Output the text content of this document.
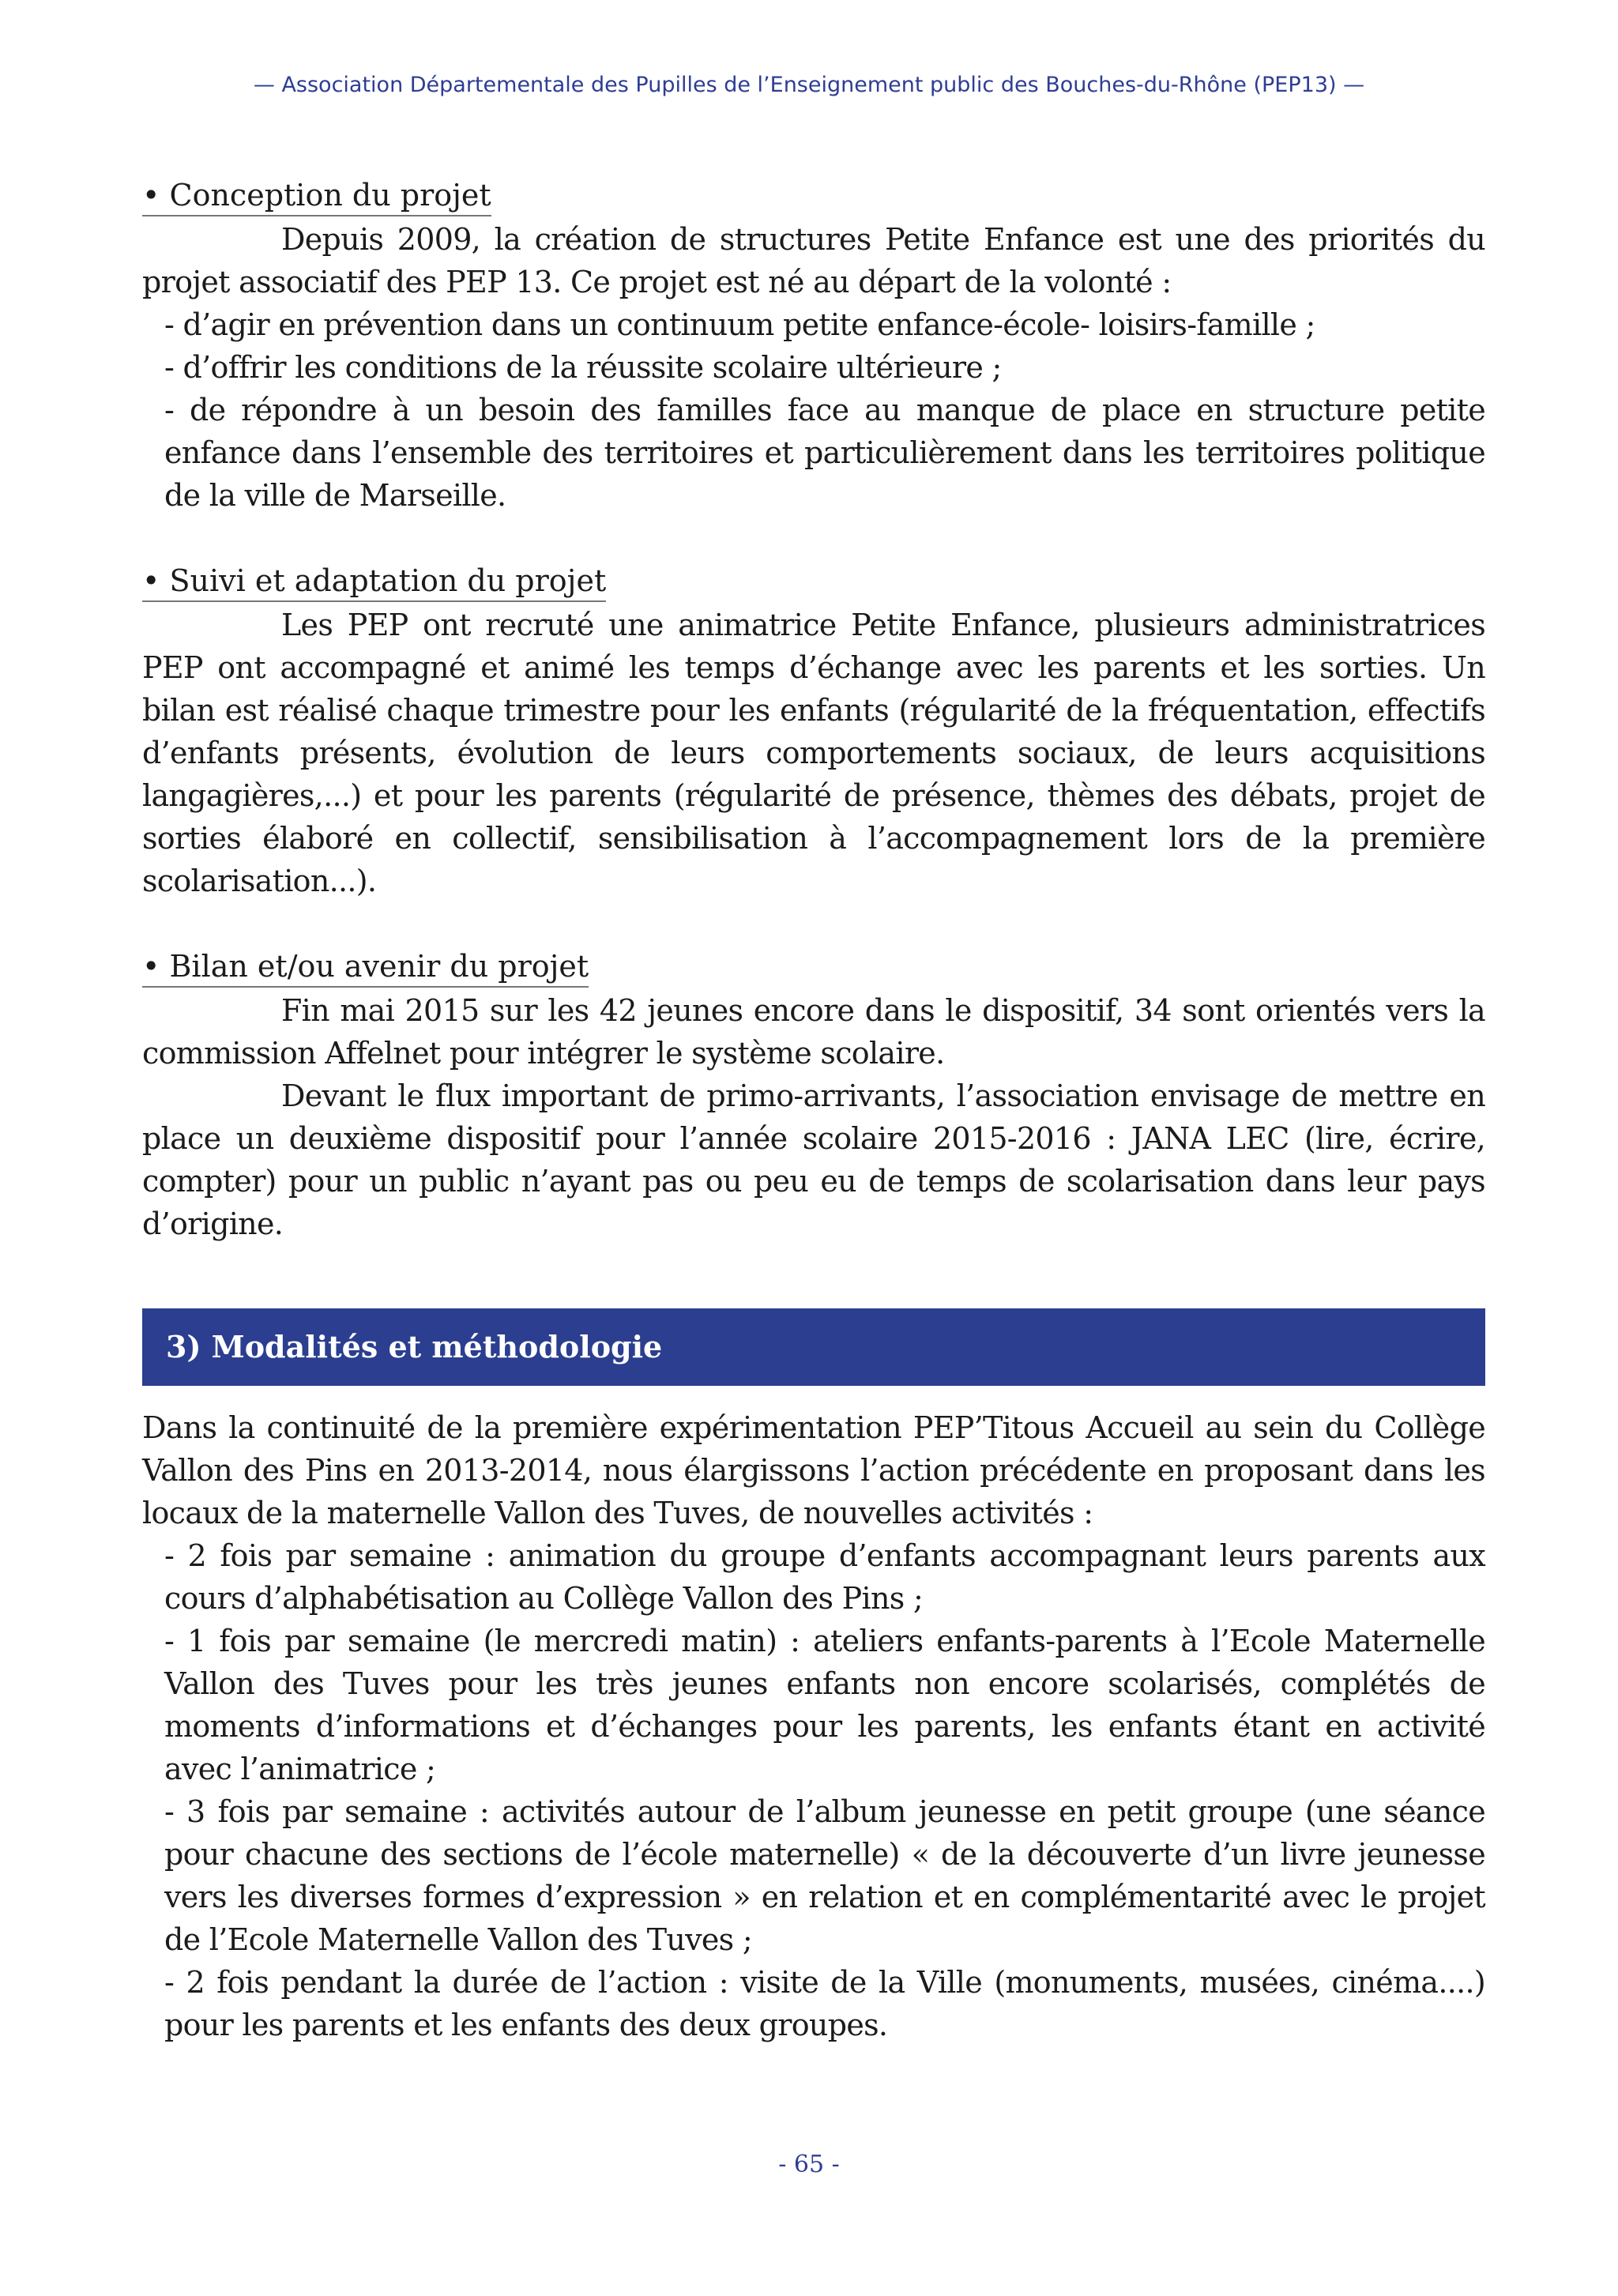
— Association Départementale des Pupilles de l’Enseignement public des Bouches-du-Rhône (PEP13) —
• Conception du projet

Depuis 2009, la création de structures Petite Enfance est une des priorités du projet associatif des PEP 13. Ce projet est né au départ de la volonté :

- d’agir en prévention dans un continuum petite enfance-école- loisirs-famille ;
- d’offrir les conditions de la réussite scolaire ultérieure ;
- de répondre à un besoin des familles face au manque de place en structure petite enfance dans l’ensemble des territoires et particulièrement dans les territoires politique de la ville de Marseille.
• Suivi et adaptation du projet

Les PEP ont recruté une animatrice Petite Enfance, plusieurs administratrices PEP ont accompagné et animé les temps d’échange avec les parents et les sorties. Un bilan est réalisé chaque trimestre pour les enfants (régularité de la fréquentation, effectifs d’enfants présents, évolution de leurs comportements sociaux, de leurs acquisitions langagières,...) et pour les parents (régularité de présence, thèmes des débats, projet de sorties élaboré en collectif, sensibilisation à l’accompagnement lors de la première scolarisation...).

• Bilan et/ou avenir du projet

Fin mai 2015 sur les 42 jeunes encore dans le dispositif, 34 sont orientés vers la commission Affelnet pour intégrer le système scolaire.

Devant le flux important de primo-arrivants, l’association envisage de mettre en place un deuxième dispositif pour l’année scolaire 2015-2016 : JANA LEC (lire, écrire, compter) pour un public n’ayant pas ou peu eu de temps de scolarisation dans leur pays d’origine.

3) Modalités et méthodologie

Dans la continuité de la première expérimentation PEP’Titous Accueil au sein du Collège Vallon des Pins en 2013-2014, nous élargissons l’action précédente en proposant dans les locaux de la maternelle Vallon des Tuves, de nouvelles activités :

- 2 fois par semaine : animation du groupe d’enfants accompagnant leurs parents aux cours d’alphabétisation au Collège Vallon des Pins ;
- 1 fois par semaine (le mercredi matin) : ateliers enfants-parents à l’Ecole Maternelle Vallon des Tuves pour les très jeunes enfants non encore scolarisés, complétés de moments d’informations et d’échanges pour les parents, les enfants étant en activité avec l’animatrice ;
- 3 fois par semaine : activités autour de l’album jeunesse en petit groupe (une séance pour chacune des sections de l’école maternelle) « de la découverte d’un livre jeunesse vers les diverses formes d’expression » en relation et en complémentarité avec le projet de l’Ecole Maternelle Vallon des Tuves ;
- 2 fois pendant la durée de l’action : visite de la Ville (monuments, musées, cinéma....) pour les parents et les enfants des deux groupes.
- 65 -
